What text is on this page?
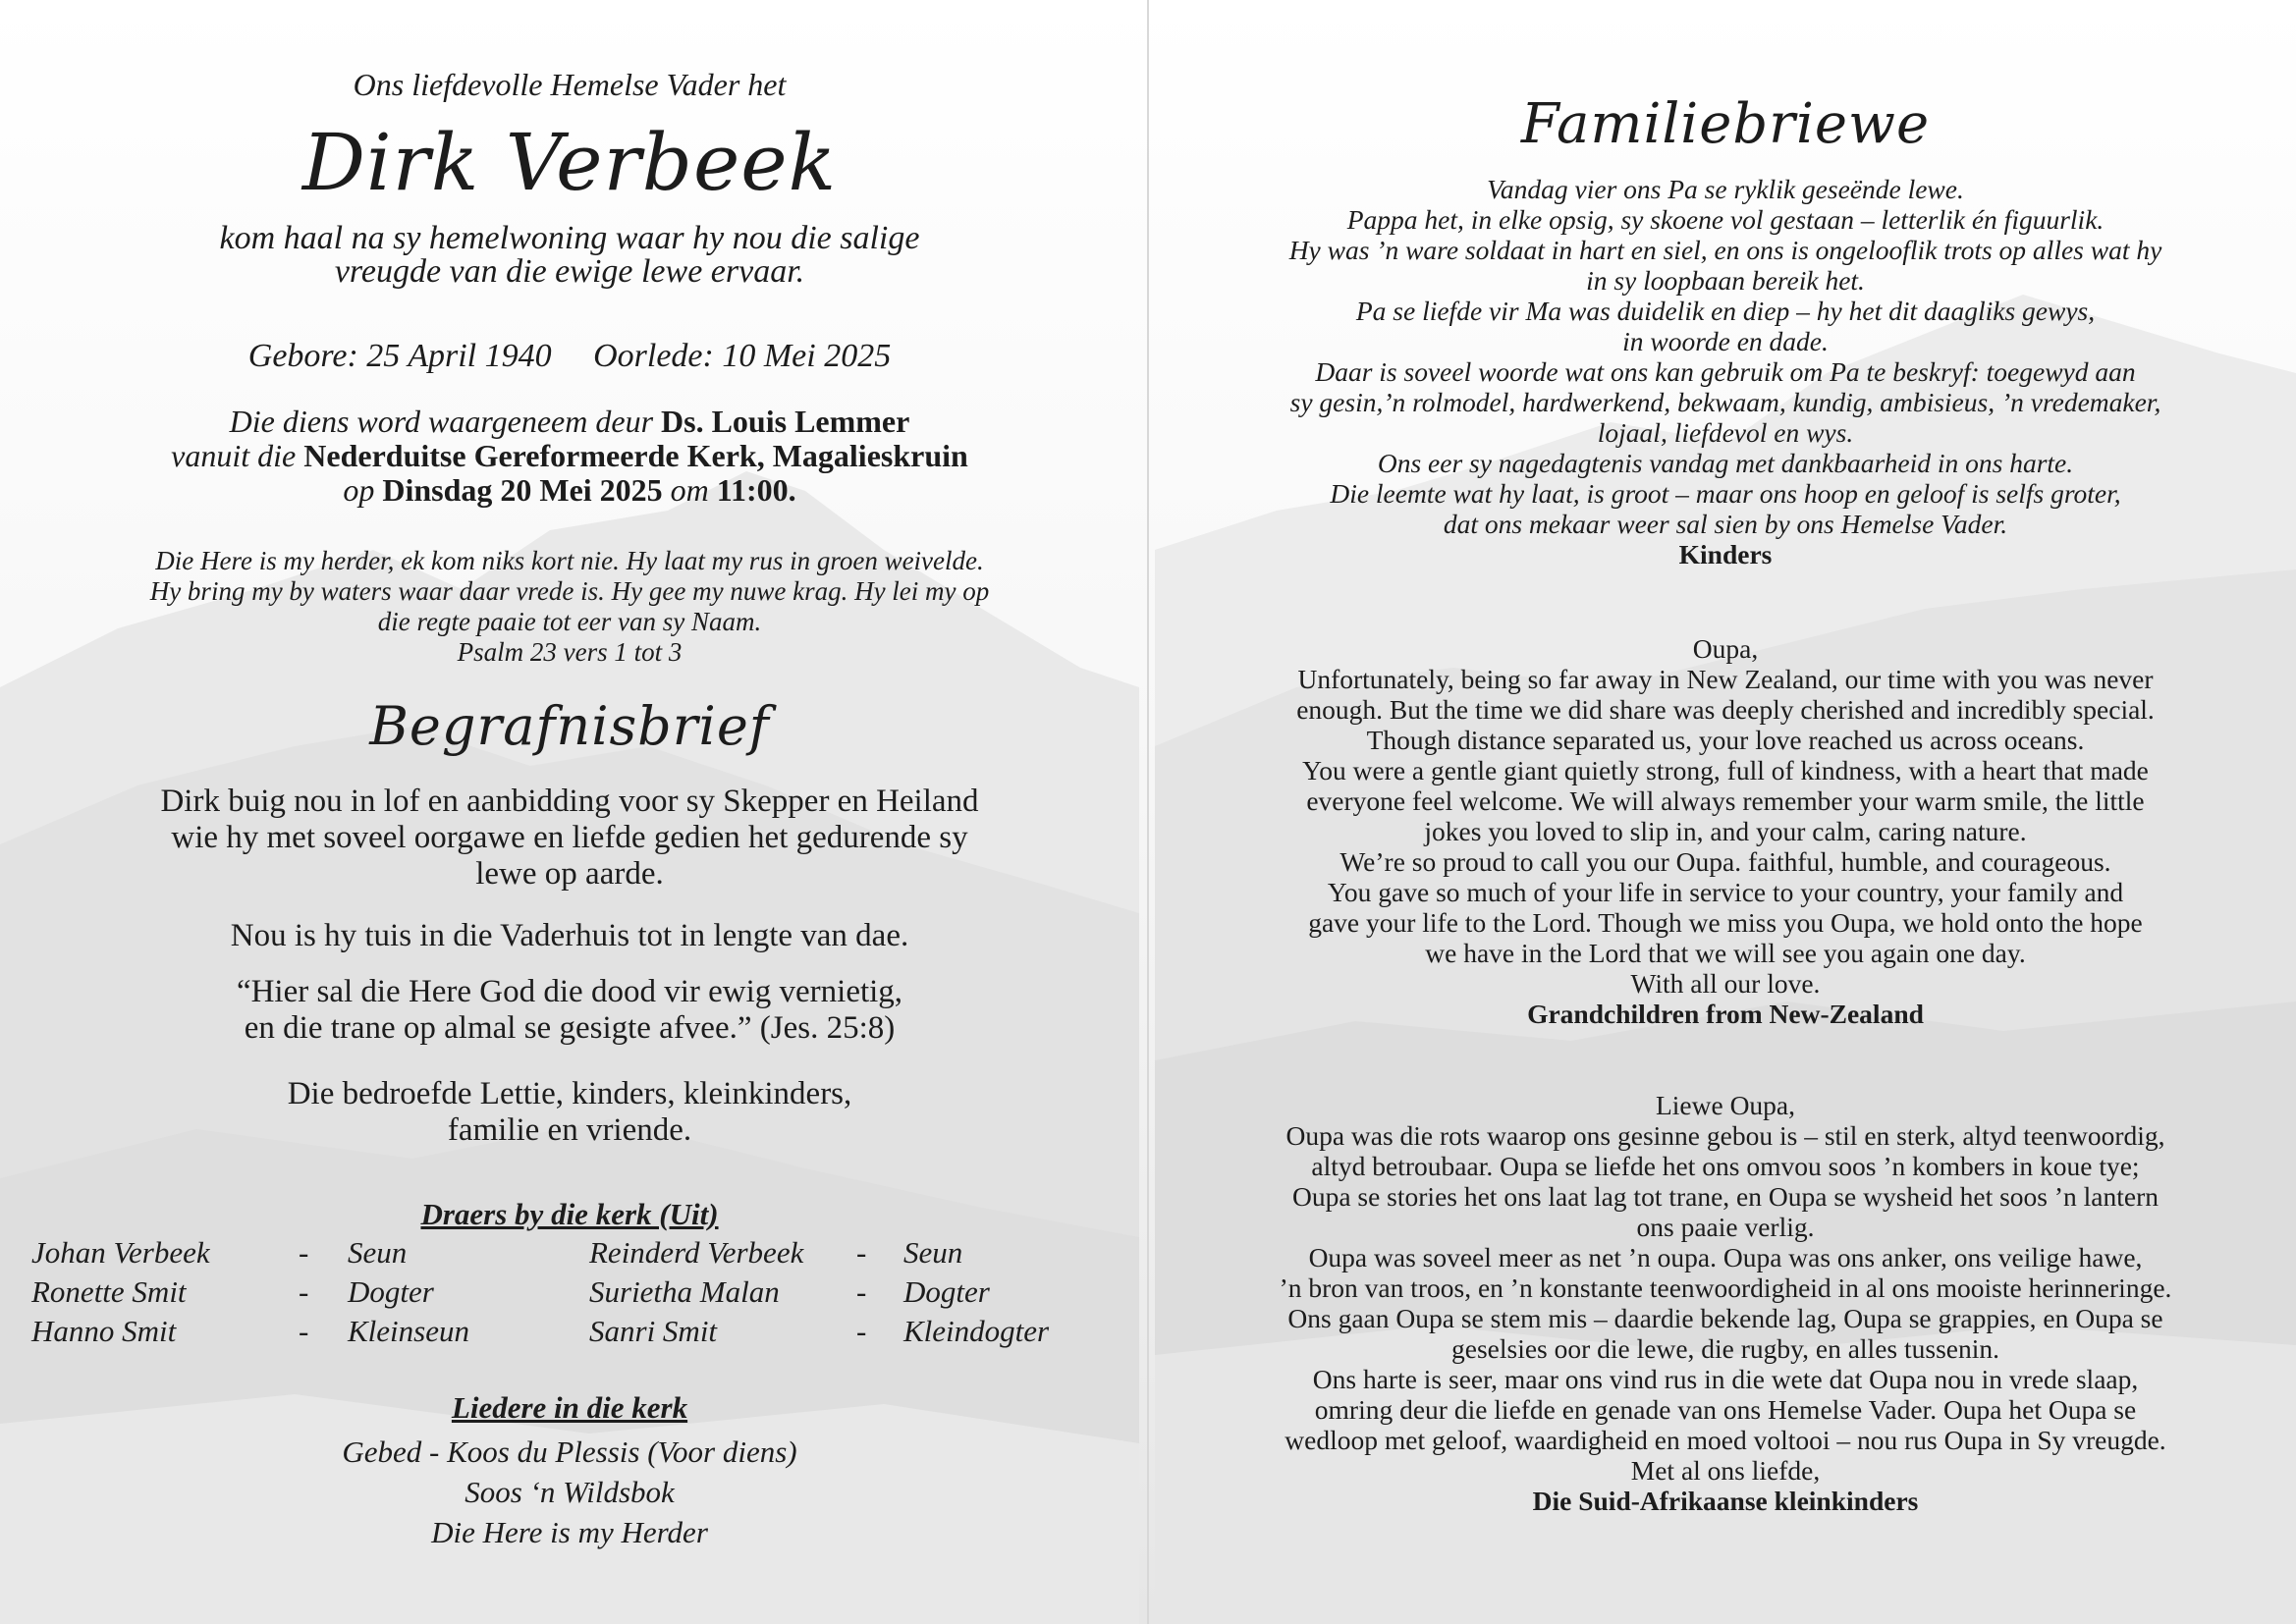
Ons liefdevolle Hemelse Vader het

Dirk Verbeek

kom haal na sy hemelwoning waar hy nou die salige
vreugde van die ewige lewe ervaar.

Gebore: 25 April 1940 Oorlede: 10 Mei 2025

Die diens word waargeneem deur Ds. Louis Lemmer
vanuit die Nederduitse Gereformeerde Kerk, Magalieskruin
op Dinsdag 20 Mei 2025 om 11:00.
Die Here is my herder, ek kom niks kort nie. Hy laat my rus in groen weivelde.
Hy bring my by waters waar daar vrede is. Hy gee my nuwe krag. Hy lei my op
die regte paaie tot eer van sy Naam.
Psalm 23 vers 1 tot 3

Begrafnisbrief

Dirk buig nou in lof en aanbidding voor sy Skepper en Heiland
wie hy met soveel oorgawe en liefde gedien het gedurende sy
lewe op aarde.

Nou is hy tuis in die Vaderhuis tot in lengte van dae.

“Hier sal die Here God die dood vir ewig vernietig,
en die trane op almal se gesigte afvee.” (Jes. 25:8)
Die bedroefde Lettie, kinders, kleinkinders,
familie en vriende.

Draers by die kerk (Uit)

Johan Verbeek	- Seun	Reinderd Verbeek - Seun
Ronette Smit	- Dogter	Surietha Malan	- Dogter
Hanno Smit	- Kleinseun	Sanri Smit	- Kleindogter

Liedere in die kerk

Gebed - Koos du Plessis (Voor diens)
Soos ‘n Wildsbok
Die Here is my Herder

Familiebriewe

Vandag vier ons Pa se ryklik geseënde lewe.
Pappa het, in elke opsig, sy skoene vol gestaan – letterlik én figuurlik.
Hy was ’n ware soldaat in hart en siel, en ons is ongelooflik trots op alles wat hy
in sy loopbaan bereik het.
Pa se liefde vir Ma was duidelik en diep – hy het dit daagliks gewys,
in woorde en dade.
Daar is soveel woorde wat ons kan gebruik om Pa te beskryf: toegewyd aan
sy gesin,’n rolmodel, hardwerkend, bekwaam, kundig, ambisieus, ’n vredemaker,
lojaal, liefdevol en wys.
Ons eer sy nagedagtenis vandag met dankbaarheid in ons harte.
Die leemte wat hy laat, is groot – maar ons hoop en geloof is selfs groter,
dat ons mekaar weer sal sien by ons Hemelse Vader.
Kinders
Oupa,
Unfortunately, being so far away in New Zealand, our time with you was never
enough. But the time we did share was deeply cherished and incredibly special.
Though distance separated us, your love reached us across oceans.
You were a gentle giant quietly strong, full of kindness, with a heart that made
everyone feel welcome. We will always remember your warm smile, the little
jokes you loved to slip in, and your calm, caring nature.
We’re so proud to call you our Oupa. faithful, humble, and courageous.
You gave so much of your life in service to your country, your family and
gave your life to the Lord. Though we miss you Oupa, we hold onto the hope
we have in the Lord that we will see you again one day.
With all our love.
Grandchildren from New-Zealand
Liewe Oupa,
Oupa was die rots waarop ons gesinne gebou is – stil en sterk, altyd teenwoordig,
altyd betroubaar. Oupa se liefde het ons omvou soos ’n kombers in koue tye;
Oupa se stories het ons laat lag tot trane, en Oupa se wysheid het soos ’n lantern
ons paaie verlig.
Oupa was soveel meer as net ’n oupa. Oupa was ons anker, ons veilige hawe,
’n bron van troos, en ’n konstante teenwoordigheid in al ons mooiste herinneringe.
Ons gaan Oupa se stem mis – daardie bekende lag, Oupa se grappies, en Oupa se
geselsies oor die lewe, die rugby, en alles tussenin.
Ons harte is seer, maar ons vind rus in die wete dat Oupa nou in vrede slaap,
omring deur die liefde en genade van ons Hemelse Vader. Oupa het Oupa se
wedloop met geloof, waardigheid en moed voltooi – nou rus Oupa in Sy vreugde.
Met al ons liefde,
Die Suid-Afrikaanse kleinkinders
